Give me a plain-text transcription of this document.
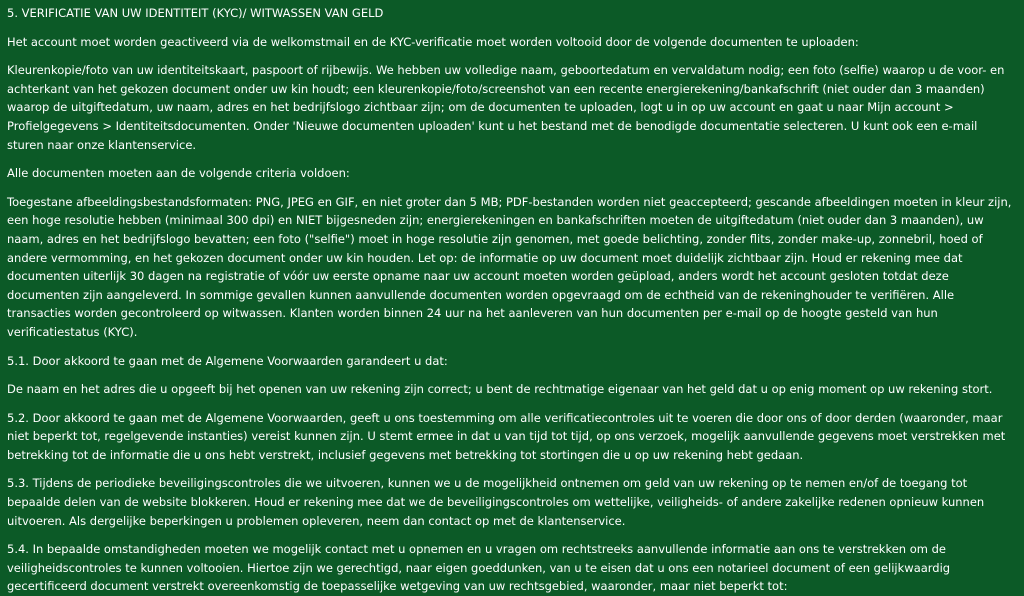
5. VERIFICATIE VAN UW IDENTITEIT (KYC)/ WITWASSEN VAN GELD

Het account moet worden geactiveerd via de welkomstmail en de KYC-verificatie moet worden voltooid door de volgende documenten te uploaden:

Kleurenkopie/foto van uw identiteitskaart, paspoort of rijbewijs. We hebben uw volledige naam, geboortedatum en vervaldatum nodig; een foto (selfie) waarop u de voor- en achterkant van het gekozen document onder uw kin houdt; een kleurenkopie/foto/screenshot van een recente energierekening/bankafschrift (niet ouder dan 3 maanden) waarop de uitgiftedatum, uw naam, adres en het bedrijfslogo zichtbaar zijn; om de documenten te uploaden, logt u in op uw account en gaat u naar Mijn account > Profielgegevens > Identiteitsdocumenten. Onder 'Nieuwe documenten uploaden' kunt u het bestand met de benodigde documentatie selecteren. U kunt ook een e-mail sturen naar onze klantenservice.

Alle documenten moeten aan de volgende criteria voldoen:

Toegestane afbeeldingsbestandsformaten: PNG, JPEG en GIF, en niet groter dan 5 MB; PDF-bestanden worden niet geaccepteerd; gescande afbeeldingen moeten in kleur zijn, een hoge resolutie hebben (minimaal 300 dpi) en NIET bijgesneden zijn; energierekeningen en bankafschriften moeten de uitgiftedatum (niet ouder dan 3 maanden), uw naam, adres en het bedrijfslogo bevatten; een foto ("selfie") moet in hoge resolutie zijn genomen, met goede belichting, zonder flits, zonder make-up, zonnebril, hoed of andere vermomming, en het gekozen document onder uw kin houden. Let op: de informatie op uw document moet duidelijk zichtbaar zijn. Houd er rekening mee dat documenten uiterlijk 30 dagen na registratie of vóór uw eerste opname naar uw account moeten worden geüpload, anders wordt het account gesloten totdat deze documenten zijn aangeleverd. In sommige gevallen kunnen aanvullende documenten worden opgevraagd om de echtheid van de rekeninghouder te verifiëren. Alle transacties worden gecontroleerd op witwassen. Klanten worden binnen 24 uur na het aanleveren van hun documenten per e-mail op de hoogte gesteld van hun verificatiestatus (KYC).

5.1. Door akkoord te gaan met de Algemene Voorwaarden garandeert u dat:

De naam en het adres die u opgeeft bij het openen van uw rekening zijn correct; u bent de rechtmatige eigenaar van het geld dat u op enig moment op uw rekening stort.

5.2. Door akkoord te gaan met de Algemene Voorwaarden, geeft u ons toestemming om alle verificatiecontroles uit te voeren die door ons of door derden (waaronder, maar niet beperkt tot, regelgevende instanties) vereist kunnen zijn. U stemt ermee in dat u van tijd tot tijd, op ons verzoek, mogelijk aanvullende gegevens moet verstrekken met betrekking tot de informatie die u ons hebt verstrekt, inclusief gegevens met betrekking tot stortingen die u op uw rekening hebt gedaan.

5.3. Tijdens de periodieke beveiligingscontroles die we uitvoeren, kunnen we u de mogelijkheid ontnemen om geld van uw rekening op te nemen en/of de toegang tot bepaalde delen van de website blokkeren. Houd er rekening mee dat we de beveiligingscontroles om wettelijke, veiligheids- of andere zakelijke redenen opnieuw kunnen uitvoeren. Als dergelijke beperkingen u problemen opleveren, neem dan contact op met de klantenservice.

5.4. In bepaalde omstandigheden moeten we mogelijk contact met u opnemen en u vragen om rechtstreeks aanvullende informatie aan ons te verstrekken om de veiligheidscontroles te kunnen voltooien. Hiertoe zijn we gerechtigd, naar eigen goeddunken, van u te eisen dat u ons een notarieel document of een gelijkwaardig gecertificeerd document verstrekt overeenkomstig de toepasselijke wetgeving van uw rechtsgebied, waaronder, maar niet beperkt tot:
